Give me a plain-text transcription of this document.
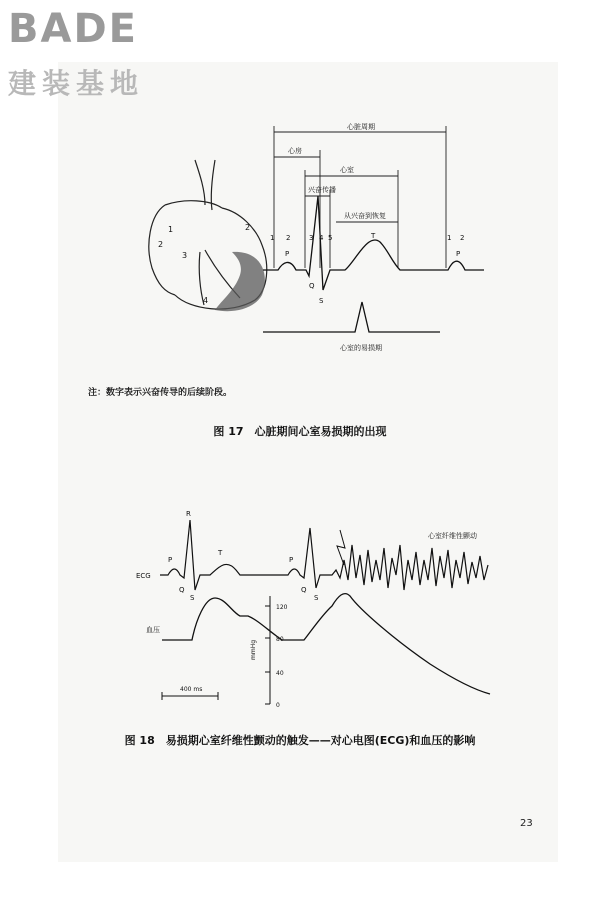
BADE
建装基地
1
2
2
3
4
心脏周期
心房
心室
兴奋传播
从兴奋到恢复
1 2	3 4 5	1 2
P
Q
S
T
P
心室的易损期
注：数字表示兴奋传导的后续阶段。
图 17　心脏期间心室易损期的出现
ECG
P
R
T
Q
S
P
Q
S
心室纤维性颤动
血压
120
80
40
0
mmHg
400 ms
图 18　易损期心室纤维性颤动的触发——对心电图(ECG)和血压的影响
23
